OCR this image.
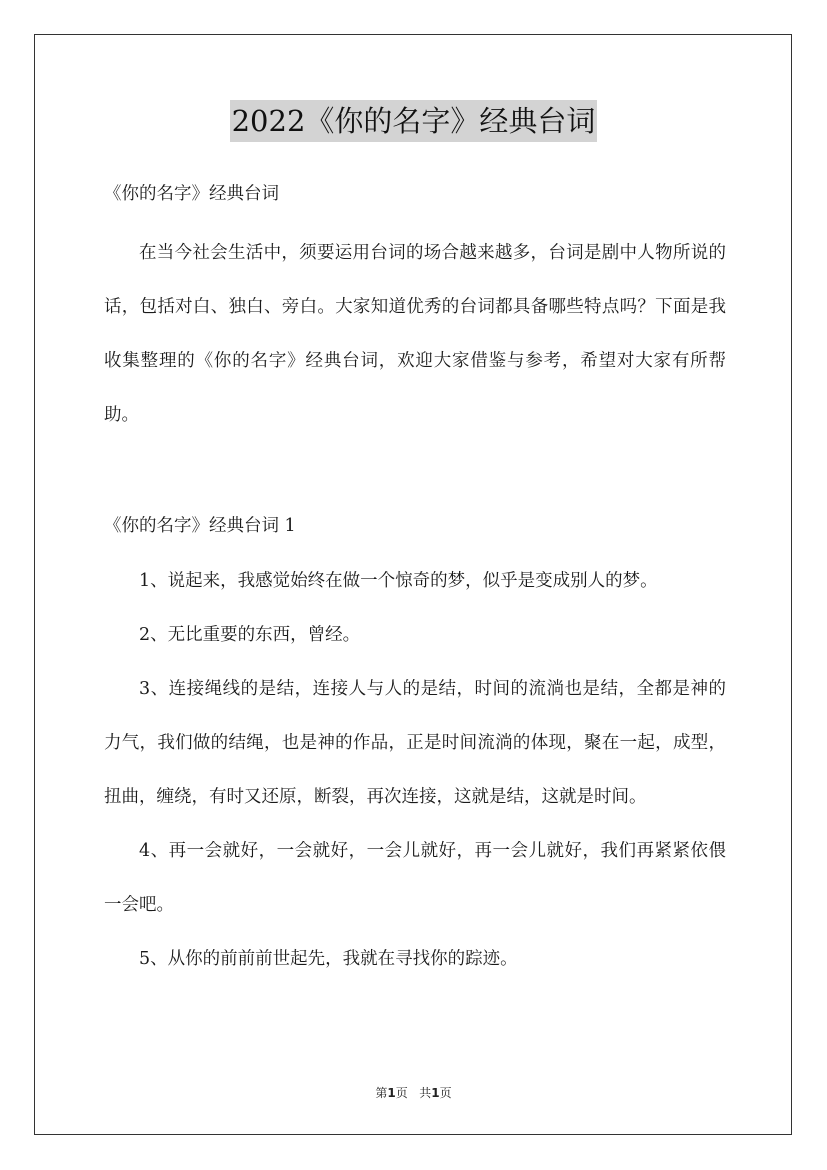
2022《你的名字》经典台词

《你的名字》经典台词

在当今社会生活中，须要运用台词的场合越来越多，台词是剧中人物所说的话，包括对白、独白、旁白。大家知道优秀的台词都具备哪些特点吗？下面是我收集整理的《你的名字》经典台词，欢迎大家借鉴与参考，希望对大家有所帮助。

《你的名字》经典台词 1

1、说起来，我感觉始终在做一个惊奇的梦，似乎是变成别人的梦。

2、无比重要的东西，曾经。

3、连接绳线的是结，连接人与人的是结，时间的流淌也是结，全都是神的力气，我们做的结绳，也是神的作品，正是时间流淌的体现，聚在一起，成型，扭曲，缠绕，有时又还原，断裂，再次连接，这就是结，这就是时间。

4、再一会就好，一会就好，一会儿就好，再一会儿就好，我们再紧紧依偎一会吧。

5、从你的前前前世起先，我就在寻找你的踪迹。

第1页 共1页
